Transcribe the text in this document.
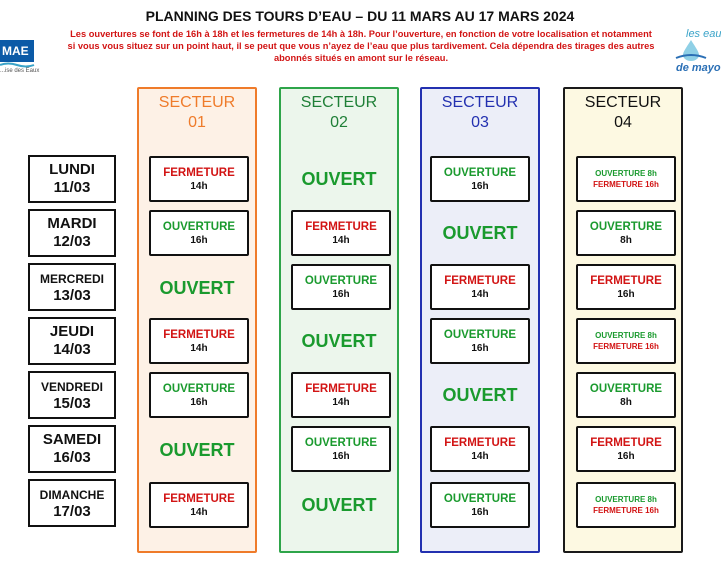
MAE
...ise des Eaux
les eau
de mayo
PLANNING DES TOURS D’EAU – DU 11 MARS AU 17 MARS 2024
Les ouvertures se font de 16h à 18h et les fermetures de 14h à 18h. Pour l’ouverture, en fonction de votre localisation et notamment si vous vous situez sur un point haut, il se peut que vous n’ayez de l’eau que plus tardivement. Cela dépendra des tirages des autres abonnés situés en amont sur le réseau.
SECTEUR
01
SECTEUR
02
SECTEUR
03
SECTEUR
04
LUNDI
11/03
MARDI
12/03
MERCREDI
13/03
JEUDI
14/03
VENDREDI
15/03
SAMEDI
16/03
DIMANCHE
17/03
FERMETURE
14h
OUVERTURE
16h
OUVERT
FERMETURE
14h
OUVERTURE
16h
OUVERT
FERMETURE
14h
OUVERT
FERMETURE
14h
OUVERTURE
16h
OUVERT
FERMETURE
14h
OUVERTURE
16h
OUVERT
OUVERTURE
16h
OUVERT
FERMETURE
14h
OUVERTURE
16h
OUVERT
FERMETURE
14h
OUVERTURE
16h
OUVERTURE 8h
FERMETURE 16h
OUVERTURE
8h
FERMETURE
16h
OUVERTURE 8h
FERMETURE 16h
OUVERTURE
8h
FERMETURE
16h
OUVERTURE 8h
FERMETURE 16h
